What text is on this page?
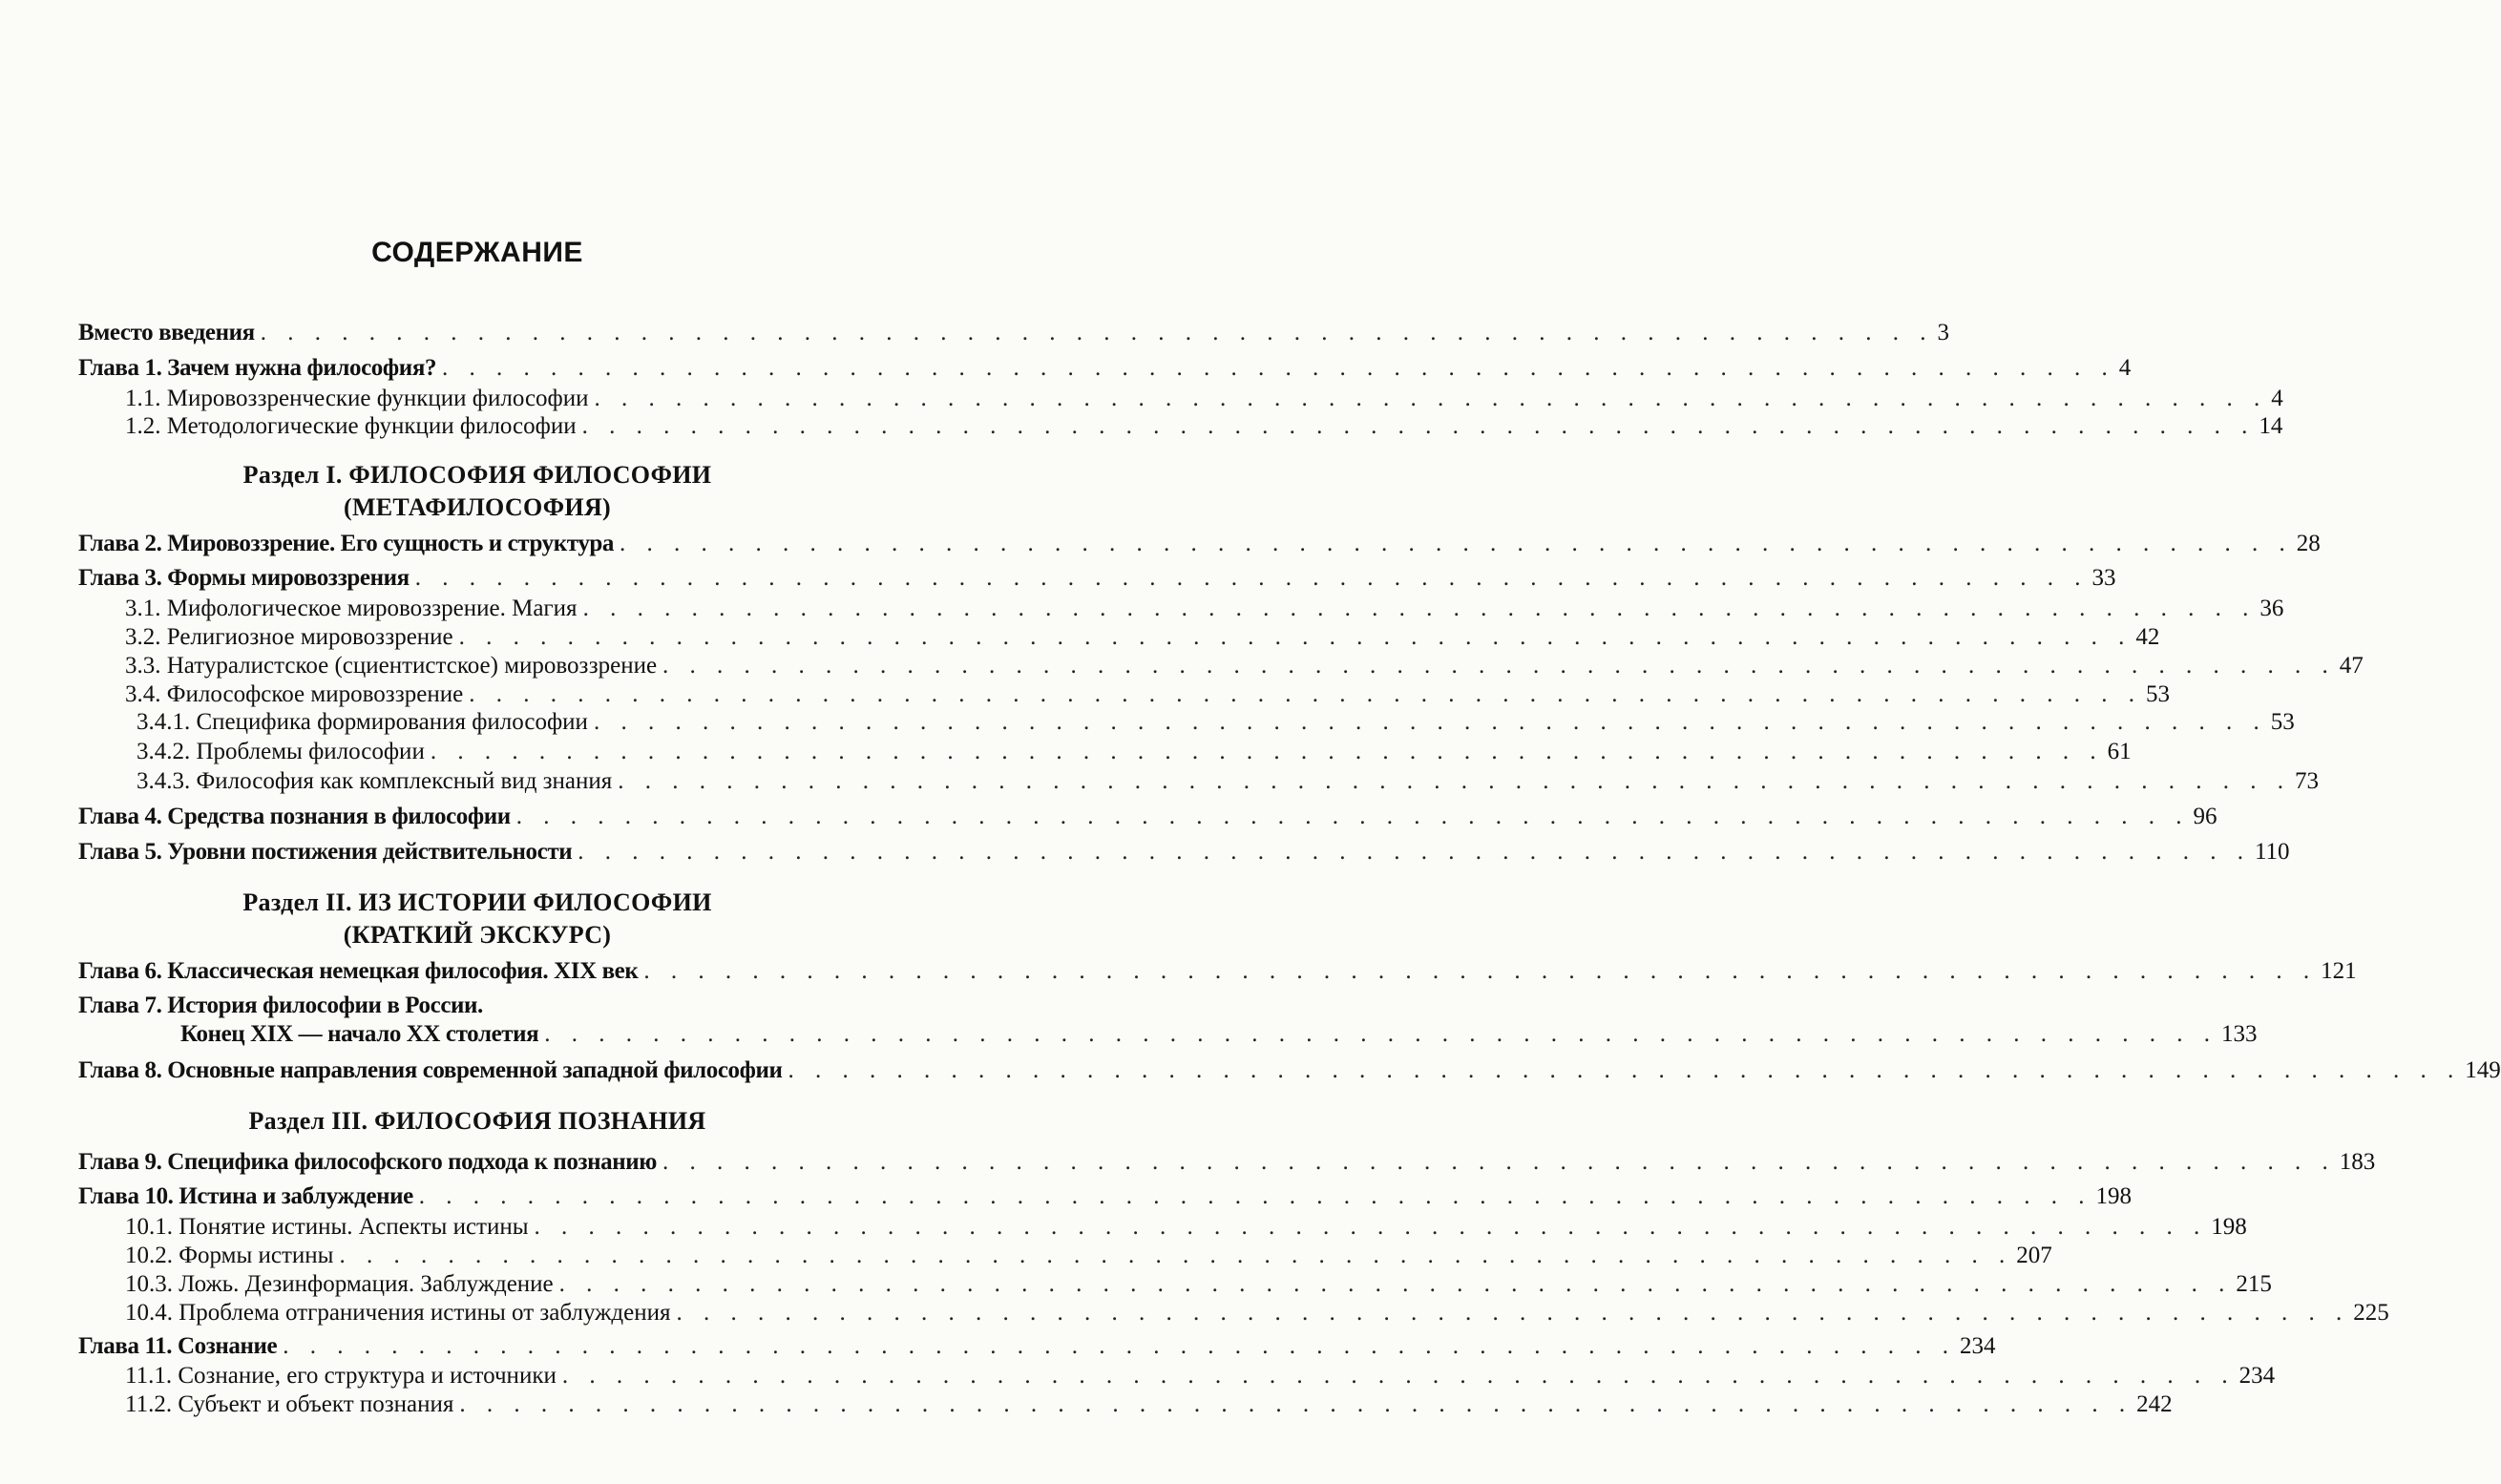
СОДЕРЖАНИЕ
Вместо введения . . . . . . . . . . . . . . . . . . . . . . . . . . . . . . . . . . . . . . . . . . . . . . . . . . . . . . . . . . . . . . 3
Глава 1. Зачем нужна философия? . . . . . . . . . . . . . . . . . . . . . . . . . . . . . . . . . . . . . . . . . . . . . . . . . . . . . . . . . . . . . . 4
1.1. Мировоззренческие функции философии . . . . . . . . . . . . . . . . . . . . . . . . . . . . . . . . . . . . . . . . . . . . . . . . . . . . . . . . . . . . . . 4
1.2. Методологические функции философии . . . . . . . . . . . . . . . . . . . . . . . . . . . . . . . . . . . . . . . . . . . . . . . . . . . . . . . . . . . . . . 14
Раздел I. ФИЛОСОФИЯ ФИЛОСОФИИ
(МЕТАФИЛОСОФИЯ)
Глава 2. Мировоззрение. Его сущность и структура . . . . . . . . . . . . . . . . . . . . . . . . . . . . . . . . . . . . . . . . . . . . . . . . . . . . . . . . . . . . . . 28
Глава 3. Формы мировоззрения . . . . . . . . . . . . . . . . . . . . . . . . . . . . . . . . . . . . . . . . . . . . . . . . . . . . . . . . . . . . . . 33
3.1. Мифологическое мировоззрение. Магия . . . . . . . . . . . . . . . . . . . . . . . . . . . . . . . . . . . . . . . . . . . . . . . . . . . . . . . . . . . . . . 36
3.2. Религиозное мировоззрение . . . . . . . . . . . . . . . . . . . . . . . . . . . . . . . . . . . . . . . . . . . . . . . . . . . . . . . . . . . . . . 42
3.3. Натуралистское (сциентистское) мировоззрение . . . . . . . . . . . . . . . . . . . . . . . . . . . . . . . . . . . . . . . . . . . . . . . . . . . . . . . . . . . . . . 47
3.4. Философское мировоззрение . . . . . . . . . . . . . . . . . . . . . . . . . . . . . . . . . . . . . . . . . . . . . . . . . . . . . . . . . . . . . . 53
3.4.1. Специфика формирования философии . . . . . . . . . . . . . . . . . . . . . . . . . . . . . . . . . . . . . . . . . . . . . . . . . . . . . . . . . . . . . . 53
3.4.2. Проблемы философии . . . . . . . . . . . . . . . . . . . . . . . . . . . . . . . . . . . . . . . . . . . . . . . . . . . . . . . . . . . . . . 61
3.4.3. Философия как комплексный вид знания . . . . . . . . . . . . . . . . . . . . . . . . . . . . . . . . . . . . . . . . . . . . . . . . . . . . . . . . . . . . . . 73
Глава 4. Средства познания в философии . . . . . . . . . . . . . . . . . . . . . . . . . . . . . . . . . . . . . . . . . . . . . . . . . . . . . . . . . . . . . . 96
Глава 5. Уровни постижения действительности . . . . . . . . . . . . . . . . . . . . . . . . . . . . . . . . . . . . . . . . . . . . . . . . . . . . . . . . . . . . . . 110
Раздел II. ИЗ ИСТОРИИ ФИЛОСОФИИ
(КРАТКИЙ ЭКСКУРС)
Глава 6. Классическая немецкая философия. XIX век . . . . . . . . . . . . . . . . . . . . . . . . . . . . . . . . . . . . . . . . . . . . . . . . . . . . . . . . . . . . . . 121
Глава 7. История философии в России.
Конец XIX — начало XX столетия . . . . . . . . . . . . . . . . . . . . . . . . . . . . . . . . . . . . . . . . . . . . . . . . . . . . . . . . . . . . . . 133
Глава 8. Основные направления современной западной философии . . . . . . . . . . . . . . . . . . . . . . . . . . . . . . . . . . . . . . . . . . . . . . . . . . . . . . . . . . . . . . 149
Раздел III. ФИЛОСОФИЯ ПОЗНАНИЯ
Глава 9. Специфика философского подхода к познанию . . . . . . . . . . . . . . . . . . . . . . . . . . . . . . . . . . . . . . . . . . . . . . . . . . . . . . . . . . . . . . 183
Глава 10. Истина и заблуждение . . . . . . . . . . . . . . . . . . . . . . . . . . . . . . . . . . . . . . . . . . . . . . . . . . . . . . . . . . . . . . 198
10.1. Понятие истины. Аспекты истины . . . . . . . . . . . . . . . . . . . . . . . . . . . . . . . . . . . . . . . . . . . . . . . . . . . . . . . . . . . . . . 198
10.2. Формы истины . . . . . . . . . . . . . . . . . . . . . . . . . . . . . . . . . . . . . . . . . . . . . . . . . . . . . . . . . . . . . . 207
10.3. Ложь. Дезинформация. Заблуждение . . . . . . . . . . . . . . . . . . . . . . . . . . . . . . . . . . . . . . . . . . . . . . . . . . . . . . . . . . . . . . 215
10.4. Проблема отграничения истины от заблуждения . . . . . . . . . . . . . . . . . . . . . . . . . . . . . . . . . . . . . . . . . . . . . . . . . . . . . . . . . . . . . . 225
Глава 11. Сознание . . . . . . . . . . . . . . . . . . . . . . . . . . . . . . . . . . . . . . . . . . . . . . . . . . . . . . . . . . . . . . 234
11.1. Сознание, его структура и источники . . . . . . . . . . . . . . . . . . . . . . . . . . . . . . . . . . . . . . . . . . . . . . . . . . . . . . . . . . . . . . 234
11.2. Субъект и объект познания . . . . . . . . . . . . . . . . . . . . . . . . . . . . . . . . . . . . . . . . . . . . . . . . . . . . . . . . . . . . . . 242
